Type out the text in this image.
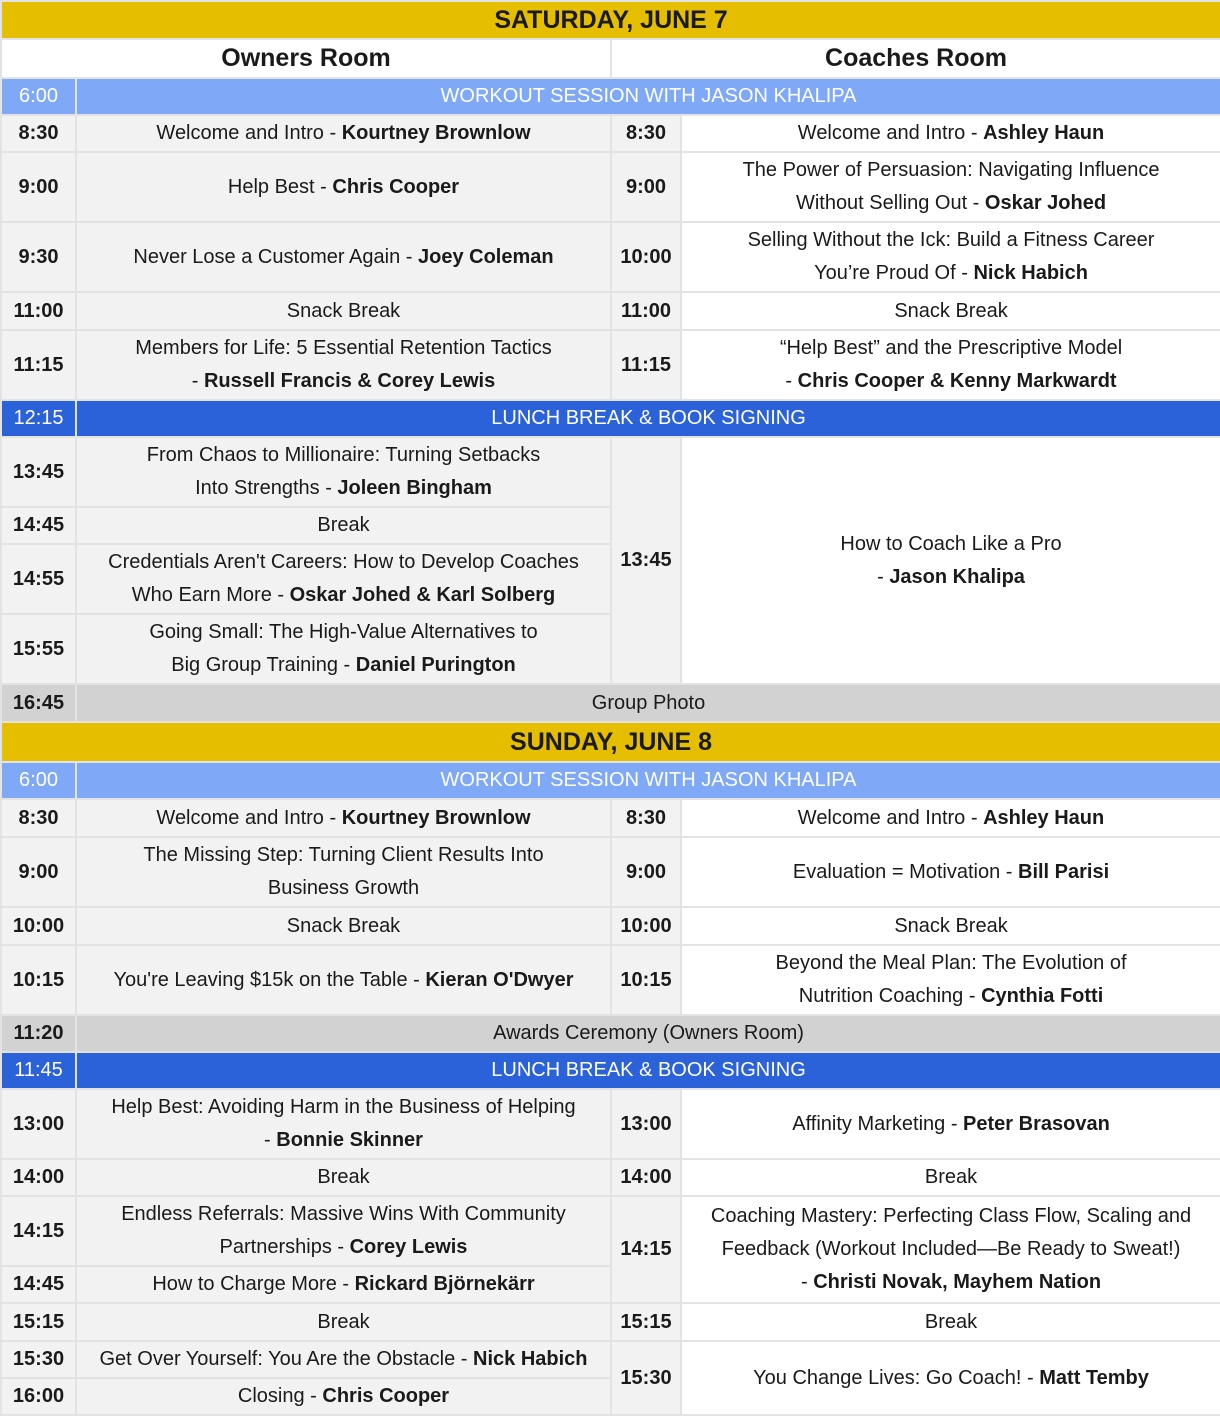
SATURDAY, JUNE 7			
Owners Room		Coaches Room	
6:00	WORKOUT SESSION WITH JASON KHALIPA		
8:30	Welcome and Intro - Kourtney Brownlow	8:30	Welcome and Intro - Ashley Haun
9:00	Help Best - Chris Cooper	9:00	The Power of Persuasion: Navigating Influence
Without Selling Out - Oskar Johed
9:30	Never Lose a Customer Again - Joey Coleman	10:00	Selling Without the Ick: Build a Fitness Career
You’re Proud Of - Nick Habich
11:00	Snack Break	11:00	Snack Break
11:15	Members for Life: 5 Essential Retention Tactics
- Russell Francis & Corey Lewis	11:15	“Help Best” and the Prescriptive Model
- Chris Cooper & Kenny Markwardt
12:15	LUNCH BREAK & BOOK SIGNING		
13:45	From Chaos to Millionaire: Turning Setbacks
Into Strengths - Joleen Bingham	13:45	How to Coach Like a Pro
- Jason Khalipa
14:45	Break		
14:55	Credentials Aren't Careers: How to Develop Coaches
Who Earn More - Oskar Johed & Karl Solberg		
15:55	Going Small: The High-Value Alternatives to
Big Group Training - Daniel Purington		
16:45	Group Photo		
SUNDAY, JUNE 8			
6:00	WORKOUT SESSION WITH JASON KHALIPA		
8:30	Welcome and Intro - Kourtney Brownlow	8:30	Welcome and Intro - Ashley Haun
9:00	The Missing Step: Turning Client Results Into
Business Growth	9:00	Evaluation = Motivation - Bill Parisi
10:00	Snack Break	10:00	Snack Break
10:15	You're Leaving $15k on the Table - Kieran O'Dwyer	10:15	Beyond the Meal Plan: The Evolution of
Nutrition Coaching - Cynthia Fotti
11:20	Awards Ceremony (Owners Room)		
11:45	LUNCH BREAK & BOOK SIGNING		
13:00	Help Best: Avoiding Harm in the Business of Helping
- Bonnie Skinner	13:00	Affinity Marketing - Peter Brasovan
14:00	Break	14:00	Break
14:15	Endless Referrals: Massive Wins With Community
Partnerships - Corey Lewis	14:15	Coaching Mastery: Perfecting Class Flow, Scaling and
Feedback (Workout Included—Be Ready to Sweat!)
- Christi Novak, Mayhem Nation
14:45	How to Charge More - Rickard Björnekärr		
15:15	Break	15:15	Break
15:30	Get Over Yourself: You Are the Obstacle - Nick Habich	15:30	You Change Lives: Go Coach! - Matt Temby
16:00	Closing - Chris Cooper		
